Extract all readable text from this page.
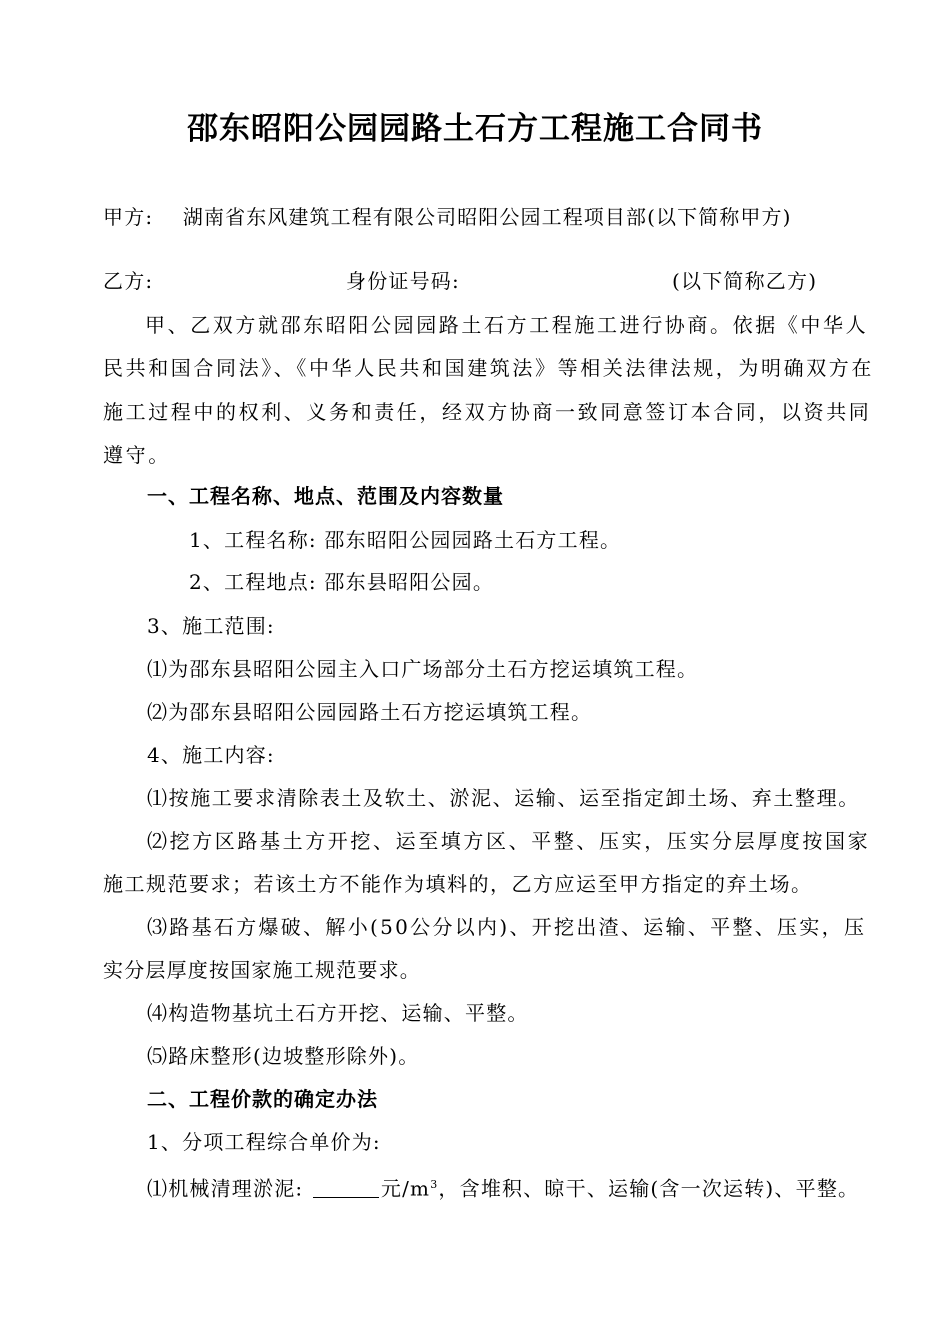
邵东昭阳公园园路土石方工程施工合同书
甲方: 湖南省东风建筑工程有限公司昭阳公园工程项目部(以下简称甲方)
乙方:	身份证号码:	(以下简称乙方)

甲、乙双方就邵东昭阳公园园路土石方工程施工进行协商。依据《中华人民共和国合同法》、《中华人民共和国建筑法》等相关法律法规，为明确双方在施工过程中的权利、义务和责任，经双方协商一致同意签订本合同，以资共同遵守。

一、工程名称、地点、范围及内容数量
1、工程名称: 邵东昭阳公园园路土石方工程。
2、工程地点: 邵东县昭阳公园。
3、施工范围:
⑴为邵东县昭阳公园主入口广场部分土石方挖运填筑工程。
⑵为邵东县昭阳公园园路土石方挖运填筑工程。
4、施工内容:
⑴按施工要求清除表土及软土、淤泥、运输、运至指定卸土场、弃土整理。
⑵挖方区路基土方开挖、运至填方区、平整、压实，压实分层厚度按国家
施工规范要求；若该土方不能作为填料的，乙方应运至甲方指定的弃土场。
⑶路基石方爆破、解小(50公分以内)、开挖出渣、运输、平整、压实，压
实分层厚度按国家施工规范要求。
⑷构造物基坑土石方开挖、运输、平整。
⑸路床整形(边坡整形除外)。
二、工程价款的确定办法
1、分项工程综合单价为:
⑴机械清理淤泥:	元$/m^3$，含堆积、晾干、运输(含一次运转)、平整。
